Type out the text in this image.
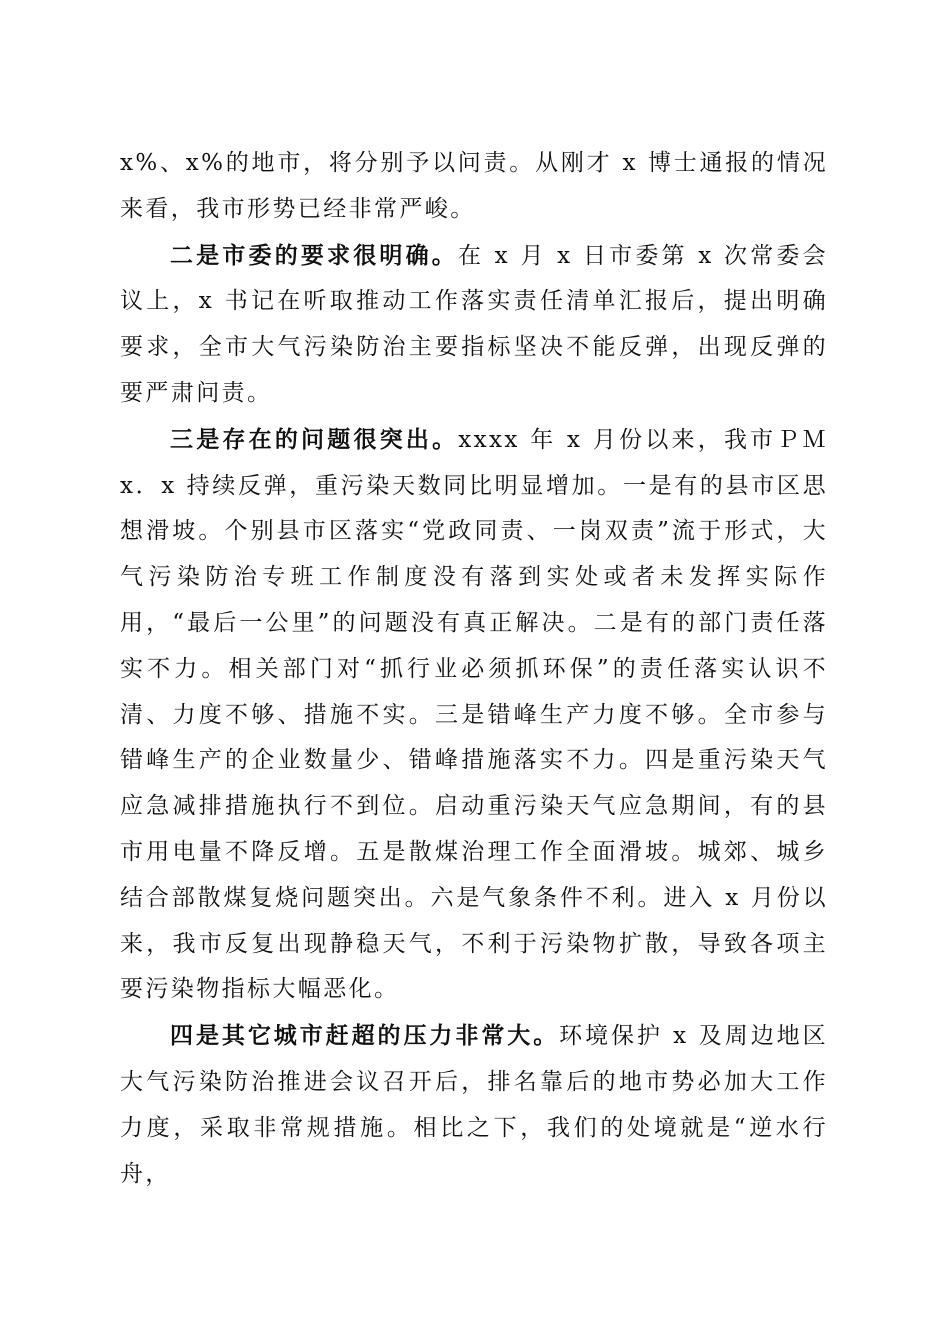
x%、x%的地市，将分别予以问责。从刚才 x 博士通报的情况来看，我市形势已经非常严峻。

二是市委的要求很明确。在 x 月 x 日市委第 x 次常委会议上，x 书记在听取推动工作落实责任清单汇报后，提出明确要求，全市大气污染防治主要指标坚决不能反弹，出现反弹的要严肃问责。

三是存在的问题很突出。xxxx 年 x 月份以来，我市ＰＭ x．x 持续反弹，重污染天数同比明显增加。一是有的县市区思想滑坡。个别县市区落实“党政同责、一岗双责”流于形式，大气污染防治专班工作制度没有落到实处或者未发挥实际作用，“最后一公里”的问题没有真正解决。二是有的部门责任落实不力。相关部门对“抓行业必须抓环保”的责任落实认识不清、力度不够、措施不实。三是错峰生产力度不够。全市参与错峰生产的企业数量少、错峰措施落实不力。四是重污染天气应急减排措施执行不到位。启动重污染天气应急期间，有的县市用电量不降反增。五是散煤治理工作全面滑坡。城郊、城乡结合部散煤复烧问题突出。六是气象条件不利。进入 x 月份以来，我市反复出现静稳天气，不利于污染物扩散，导致各项主要污染物指标大幅恶化。

四是其它城市赶超的压力非常大。环境保护 x 及周边地区大气污染防治推进会议召开后，排名靠后的地市势必加大工作力度，采取非常规措施。相比之下，我们的处境就是“逆水行舟，
